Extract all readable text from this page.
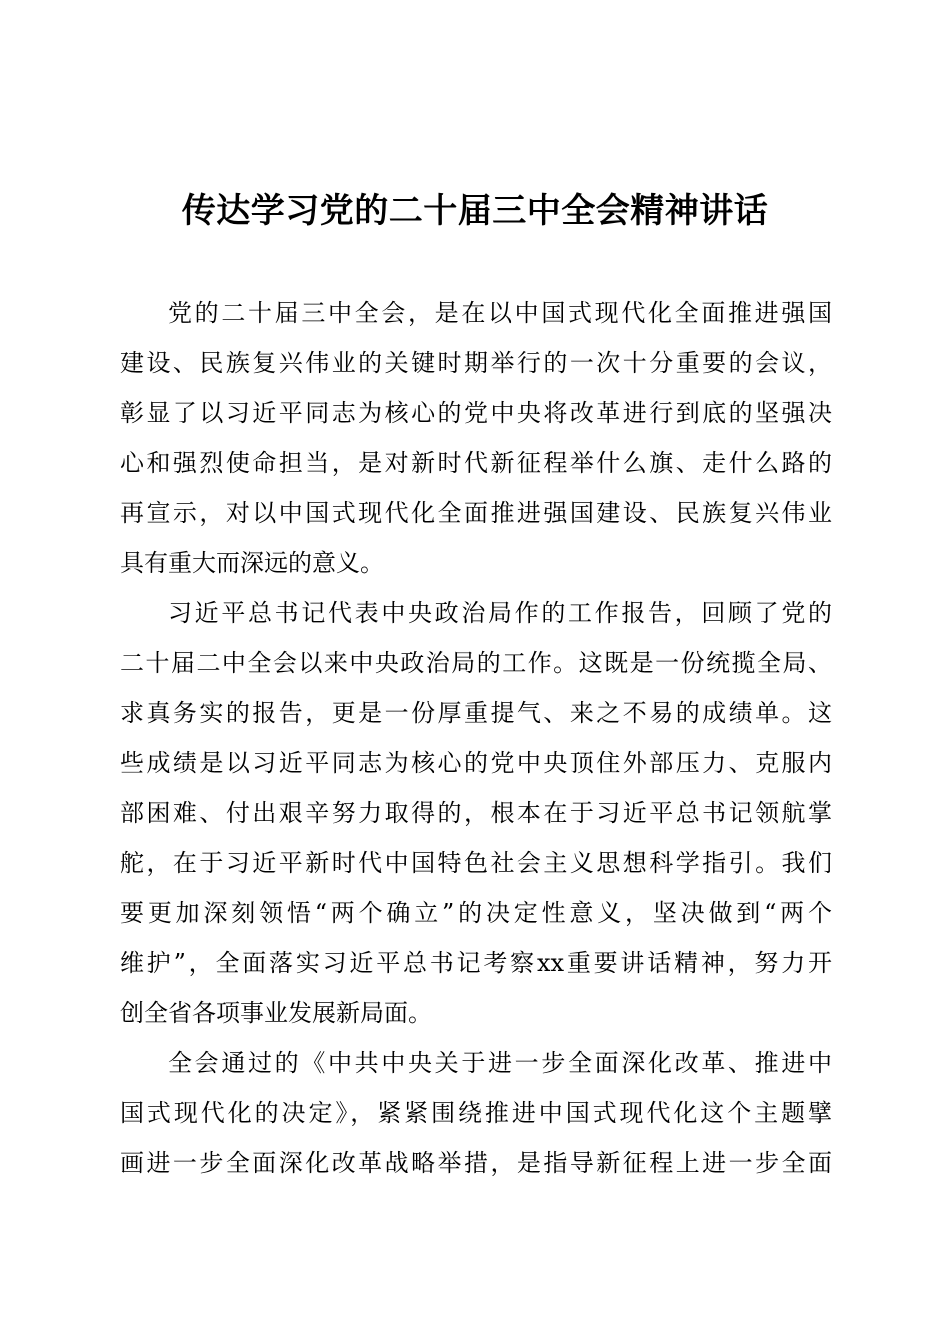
传达学习党的二十届三中全会精神讲话
党的二十届三中全会，是在以中国式现代化全面推进强国
建设、民族复兴伟业的关键时期举行的一次十分重要的会议，
彰显了以习近平同志为核心的党中央将改革进行到底的坚强决
心和强烈使命担当，是对新时代新征程举什么旗、走什么路的
再宣示，对以中国式现代化全面推进强国建设、民族复兴伟业
具有重大而深远的意义。
习近平总书记代表中央政治局作的工作报告，回顾了党的
二十届二中全会以来中央政治局的工作。这既是一份统揽全局、
求真务实的报告，更是一份厚重提气、来之不易的成绩单。这
些成绩是以习近平同志为核心的党中央顶住外部压力、克服内
部困难、付出艰辛努力取得的，根本在于习近平总书记领航掌
舵，在于习近平新时代中国特色社会主义思想科学指引。我们
要更加深刻领悟“两个确立”的决定性意义，坚决做到“两个
维护”，全面落实习近平总书记考察xx重要讲话精神，努力开
创全省各项事业发展新局面。
全会通过的《中共中央关于进一步全面深化改革、推进中
国式现代化的决定》，紧紧围绕推进中国式现代化这个主题擘
画进一步全面深化改革战略举措，是指导新征程上进一步全面
